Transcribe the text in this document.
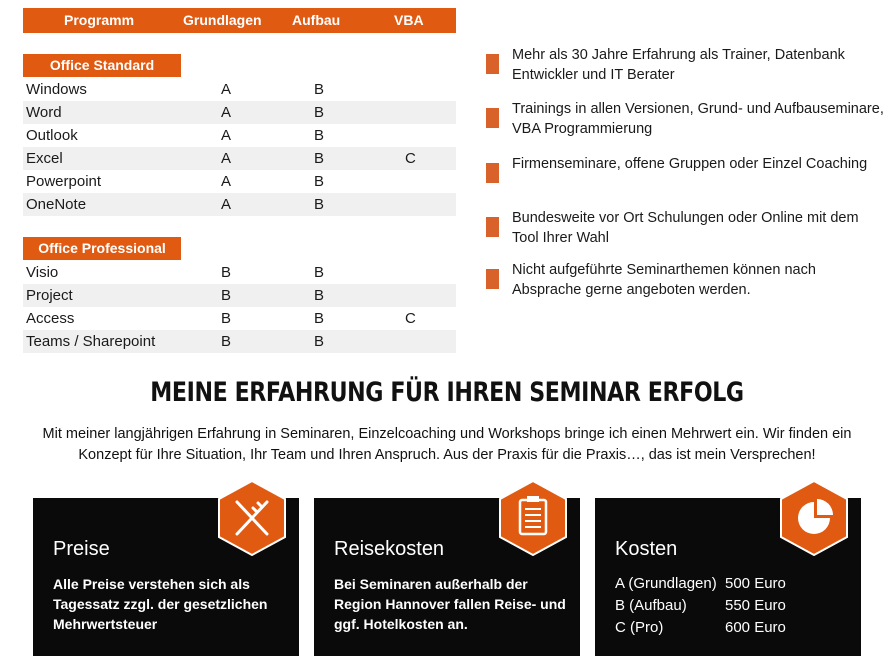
Programm	Grundlagen Aufbau	VBA
Office Standard
Windows	A	B
Word	A	B
Outlook	A	B
Excel	A	B	C
Powerpoint	A	B
OneNote	A	B
Office Professional
Visio	B	B
Project	B	B
Access	B	B	C
Teams / Sharepoint	B	B
Mehr als 30 Jahre Erfahrung als Trainer, Datenbank Entwickler und IT Berater
Trainings in allen Versionen, Grund- und Aufbauseminare, VBA Programmierung
Firmenseminare, offene Gruppen oder Einzel Coaching
Bundesweite vor Ort Schulungen oder Online mit dem Tool Ihrer Wahl
Nicht aufgeführte Seminarthemen können nach Absprache gerne angeboten werden.
MEINE ERFAHRUNG FÜR IHREN SEMINAR ERFOLG
Mit meiner langjährigen Erfahrung in Seminaren, Einzelcoaching und Workshops bringe ich einen Mehrwert ein. Wir finden ein Konzept für Ihre Situation, Ihr Team und Ihren Anspruch. Aus der Praxis für die Praxis…, das ist mein Versprechen!
Preise
Alle Preise verstehen sich als Tagessatz zzgl. der gesetzlichen Mehrwertsteuer
Reisekosten
Bei Seminaren außerhalb der Region Hannover fallen Reise- und ggf. Hotelkosten an.
Kosten
A (Grundlagen) 500 Euro
B (Aufbau)	550 Euro
C (Pro)	600 Euro
